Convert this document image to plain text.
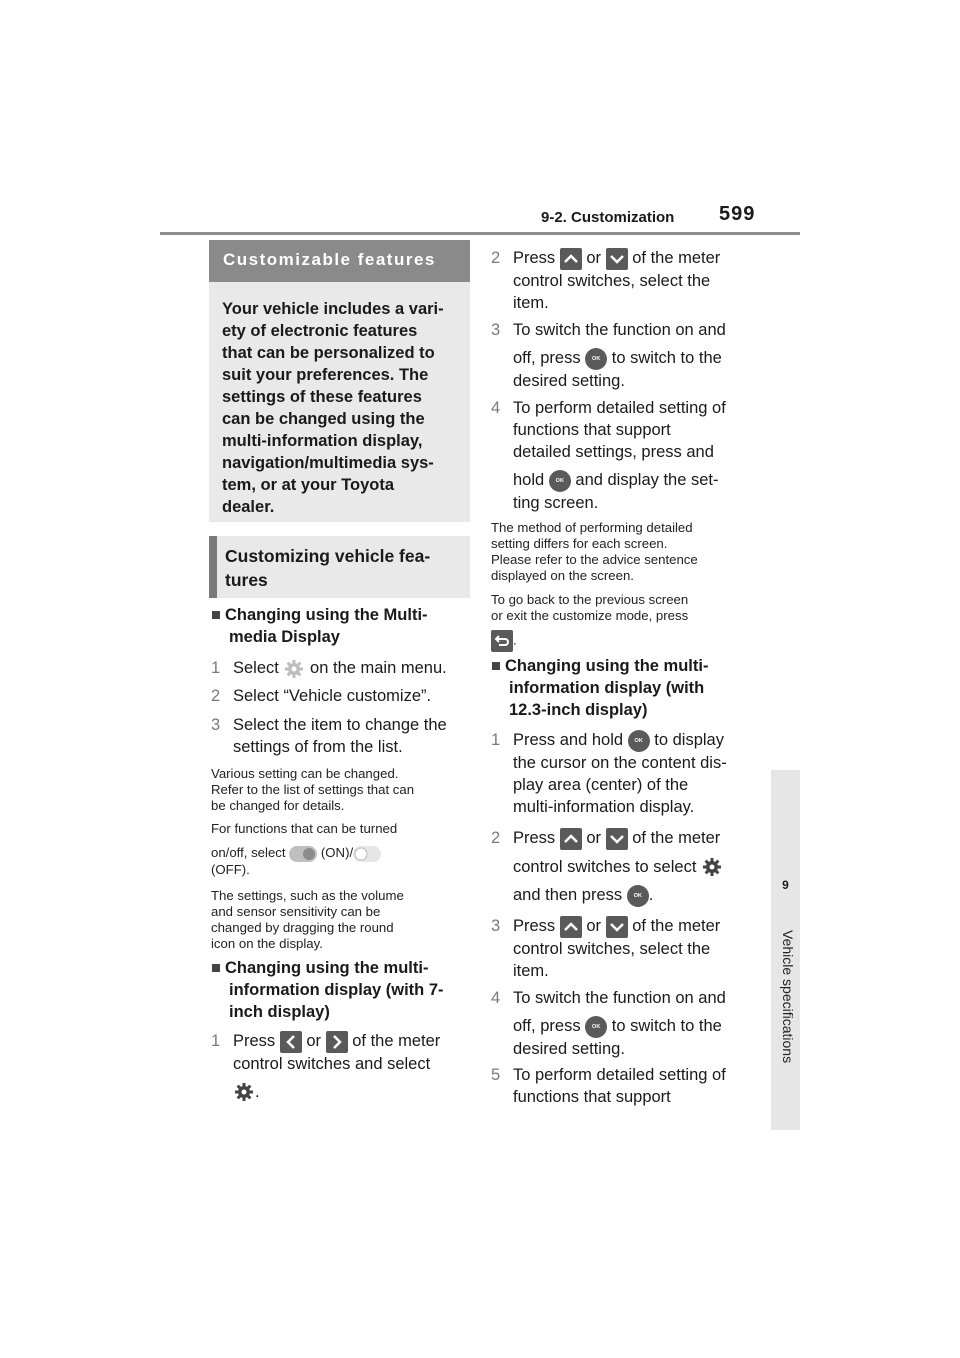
9-2. Customization 599
9
Vehicle specifications
Customizable features
Your vehicle includes a vari-
ety of electronic features
that can be personalized to
suit your preferences. The
settings of these features
can be changed using the
multi-information display,
navigation/multimedia sys-
tem, or at your Toyota
dealer.
Customizing vehicle fea-
tures
■ Changing using the Multi-
media Display
1 Select on the main menu.
2 Select “Vehicle customize”.
3 Select the item to change the
settings of from the list.
Various setting can be changed.
Refer to the list of settings that can
be changed for details.
For functions that can be turned
on/off, select	(ON)/
(OFF).
The settings, such as the volume
and sensor sensitivity can be
changed by dragging the round
icon on the display.
■ Changing using the multi-
information display (with 7-
inch display)
1 Press or of the meter
control switches and select
.
2 Press or of the meter
control switches, select the
item.
3 To switch the function on and
off, press OK to switch to the
desired setting.
4 To perform detailed setting of
functions that support
detailed settings, press and
hold OK and display the set-
ting screen.
The method of performing detailed
setting differs for each screen.
Please refer to the advice sentence
displayed on the screen.
To go back to the previous screen
or exit the customize mode, press
.
■ Changing using the multi-
information display (with
12.3-inch display)
1 Press and hold OK to display
the cursor on the content dis-
play area (center) of the
multi-information display.
2 Press or of the meter
control switches to select
and then press OK .
3 Press or of the meter
control switches, select the
item.
4 To switch the function on and
off, press OK to switch to the
desired setting.
5 To perform detailed setting of
functions that support
